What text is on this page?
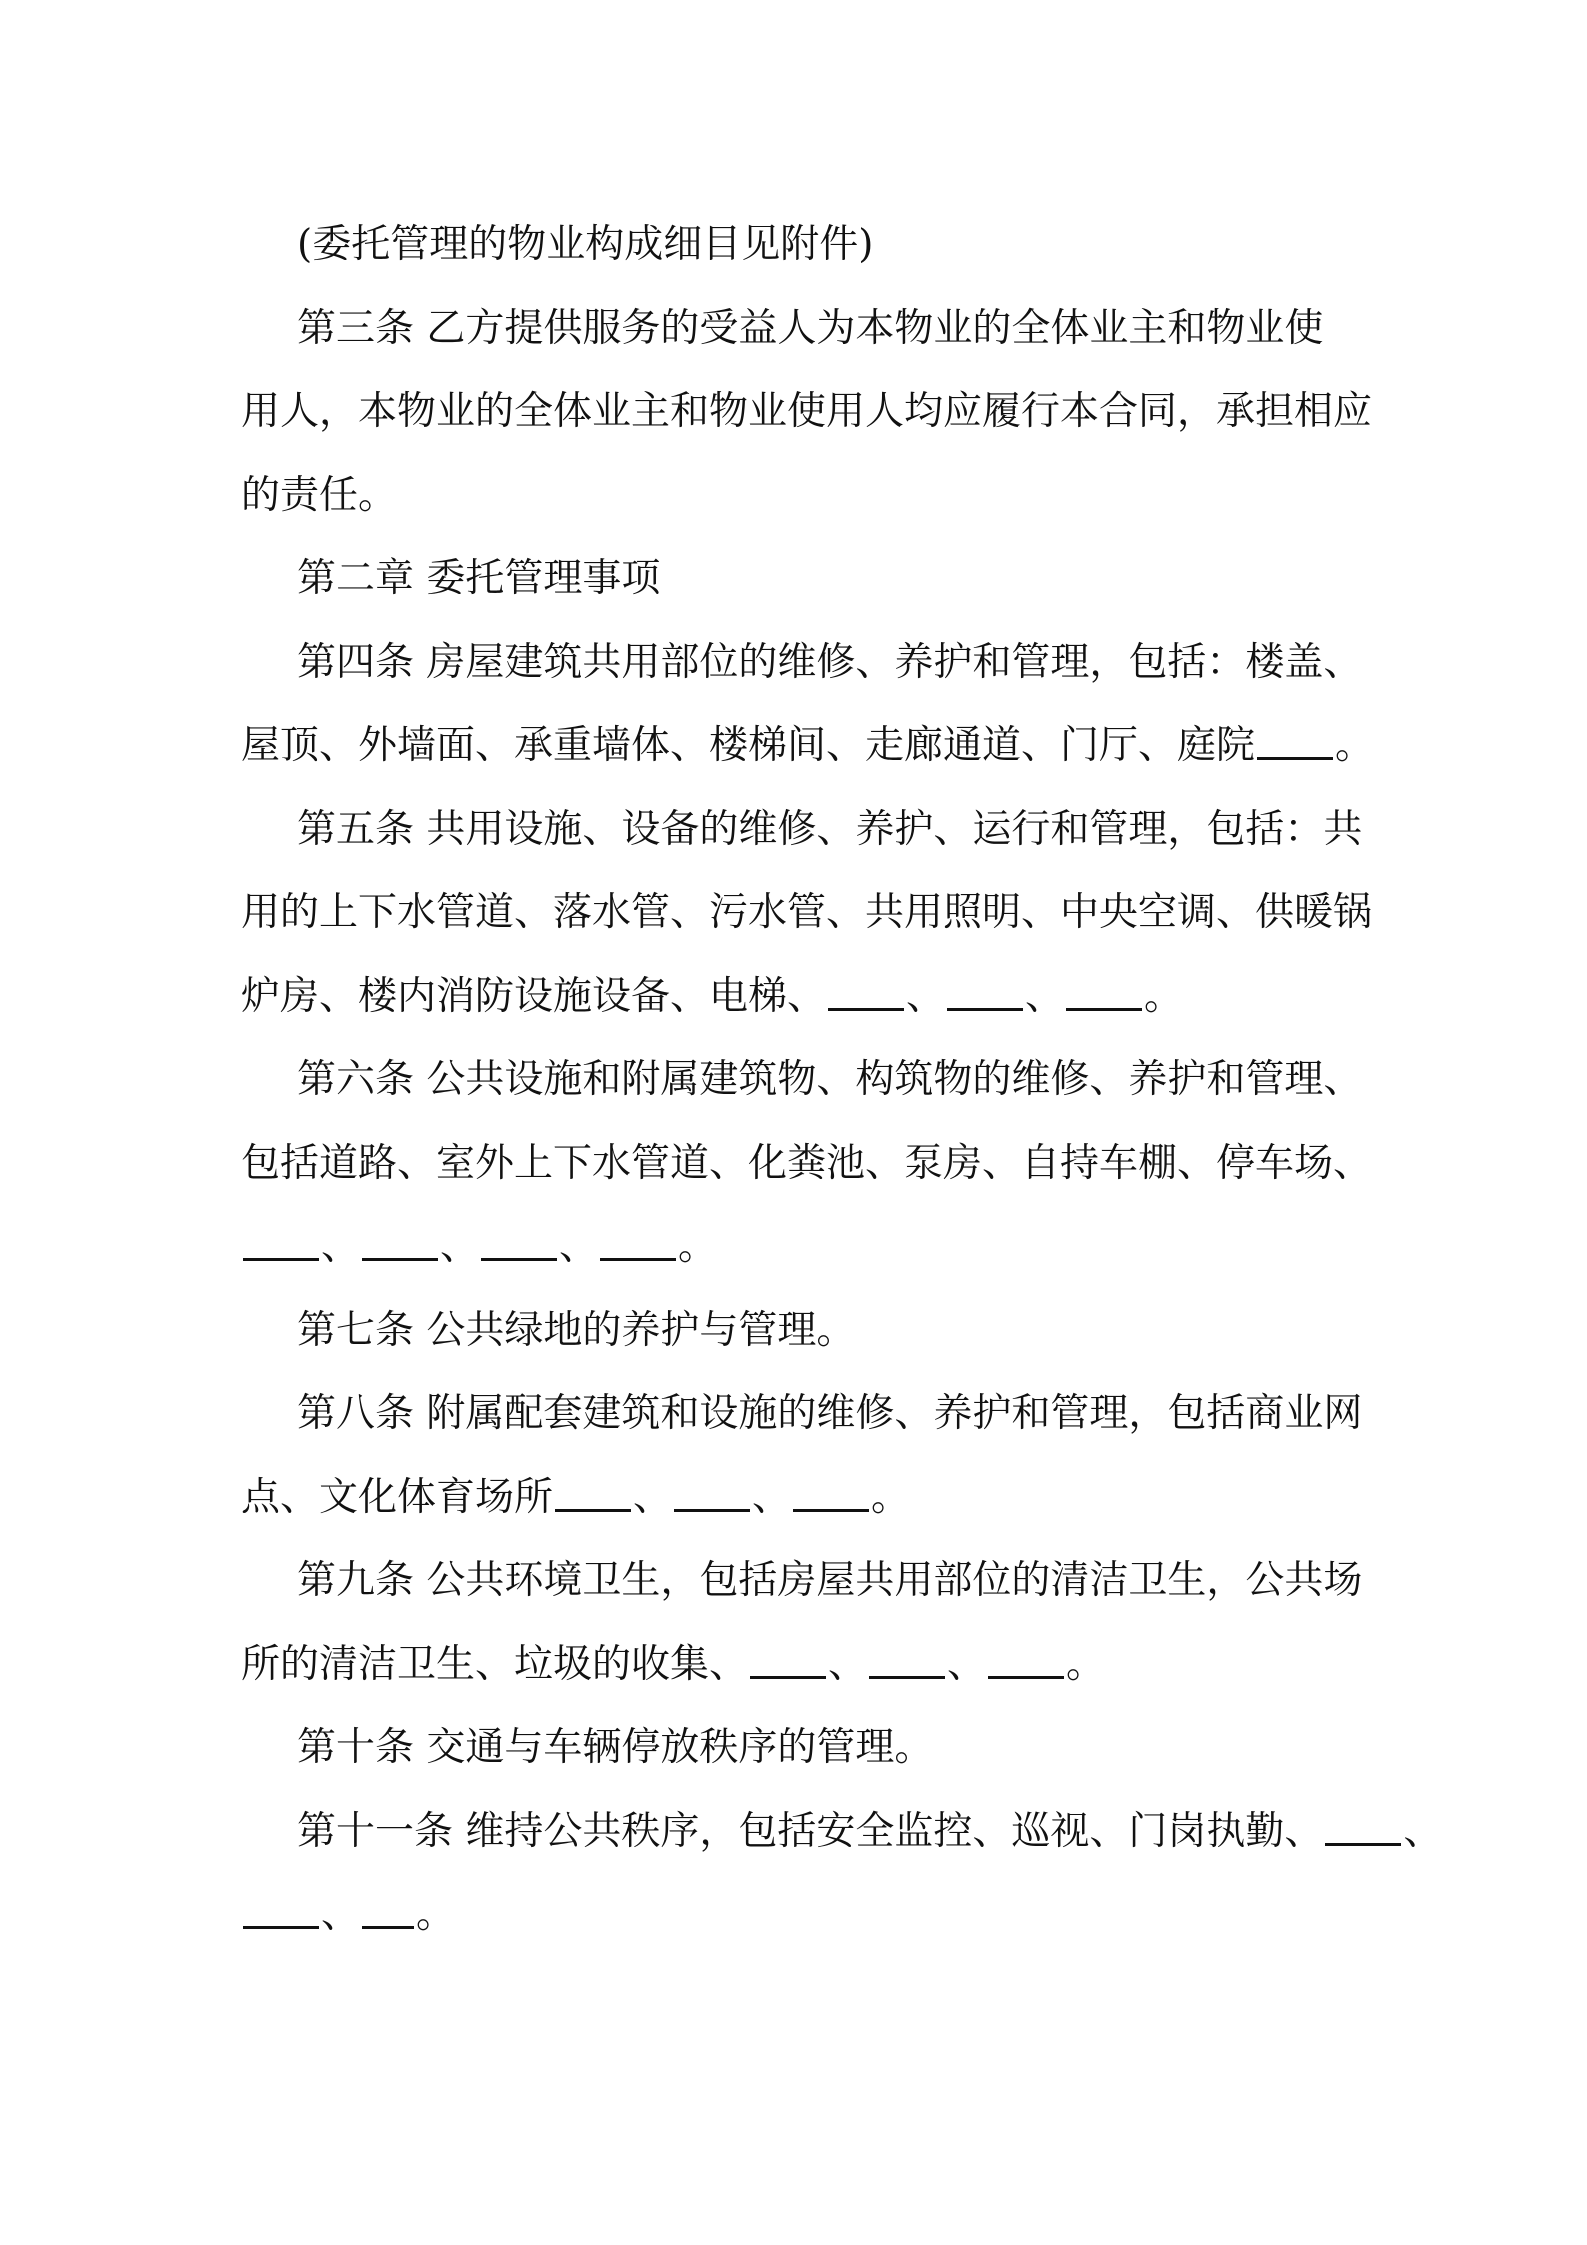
(委托管理的物业构成细目见附件)

第三条 乙方提供服务的受益人为本物业的全体业主和物业使
用人，本物业的全体业主和物业使用人均应履行本合同，承担相应
的责任。

第二章 委托管理事项

第四条 房屋建筑共用部位的维修、养护和管理，包括：楼盖、
屋顶、外墙面、承重墙体、楼梯间、走廊通道、门厅、庭院 。

第五条 共用设施、设备的维修、养护、运行和管理，包括：共
用的上下水管道、落水管、污水管、共用照明、中央空调、供暖锅
炉房、楼内消防设施设备、电梯、 、 、 。

第六条 公共设施和附属建筑物、构筑物的维修、养护和管理、
包括道路、室外上下水管道、化粪池、泵房、自持车棚、停车场、
、 、 、 。

第七条 公共绿地的养护与管理。

第八条 附属配套建筑和设施的维修、养护和管理，包括商业网
点、文化体育场所 、 、 。

第九条 公共环境卫生，包括房屋共用部位的清洁卫生，公共场
所的清洁卫生、垃圾的收集、 、 、 。

第十条 交通与车辆停放秩序的管理。

第十一条 维持公共秩序，包括安全监控、巡视、门岗执勤、 、
、 。
